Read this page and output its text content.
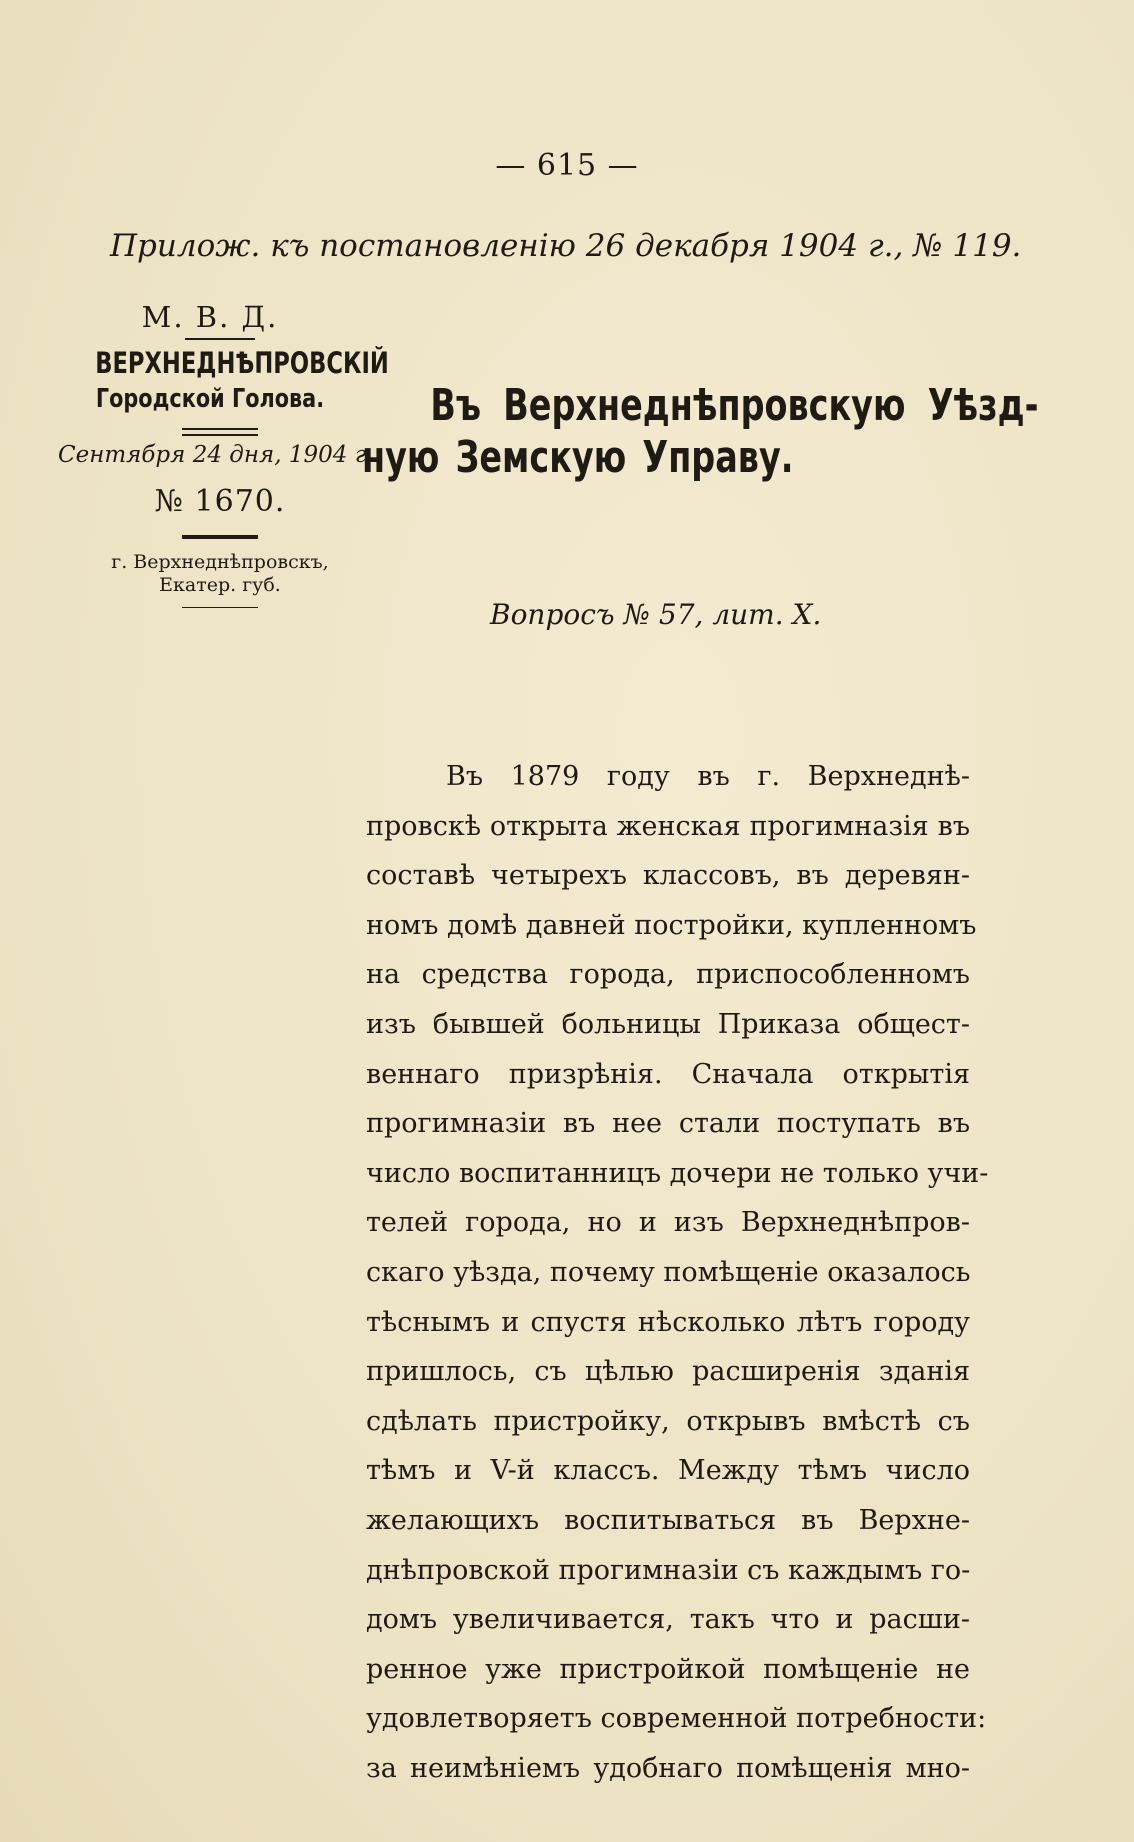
— 615 —
Прилож. къ постановленію 26 декабря 1904 г., № 119.
М. В. Д.
ВЕРХНЕДНѢПРОВСКІЙ
Городской Голова.
Сентября 24 дня, 1904 г.
№ 1670.
г. Верхнеднѣпровскъ,
Екатер. губ.
Въ Верхнеднѣпровскую Уѣзд-
ную Земскую Управу.
Вопросъ № 57, лит. Х.
Въ 1879 году въ г. Верхнеднѣ-
провскѣ открыта женская прогимназія въ
составѣ четырехъ классовъ, въ деревян-
номъ домѣ давней постройки, купленномъ
на средства города, приспособленномъ
изъ бывшей больницы Приказа общест-
веннаго призрѣнія. Сначала открытія
прогимназіи въ нее стали поступать въ
число воспитанницъ дочери не только учи-
телей города, но и изъ Верхнеднѣпров-
скаго уѣзда, почему помѣщеніе оказалось
тѣснымъ и спустя нѣсколько лѣтъ городу
пришлось, съ цѣлью расширенія зданія
сдѣлать пристройку, открывъ вмѣстѣ съ
тѣмъ и V-й классъ. Между тѣмъ число
желающихъ воспитываться въ Верхне-
днѣпровской прогимназіи съ каждымъ го-
домъ увеличивается, такъ что и расши-
ренное уже пристройкой помѣщеніе не
удовлетворяетъ современной потребности:
за неимѣніемъ удобнаго помѣщенія мно-
